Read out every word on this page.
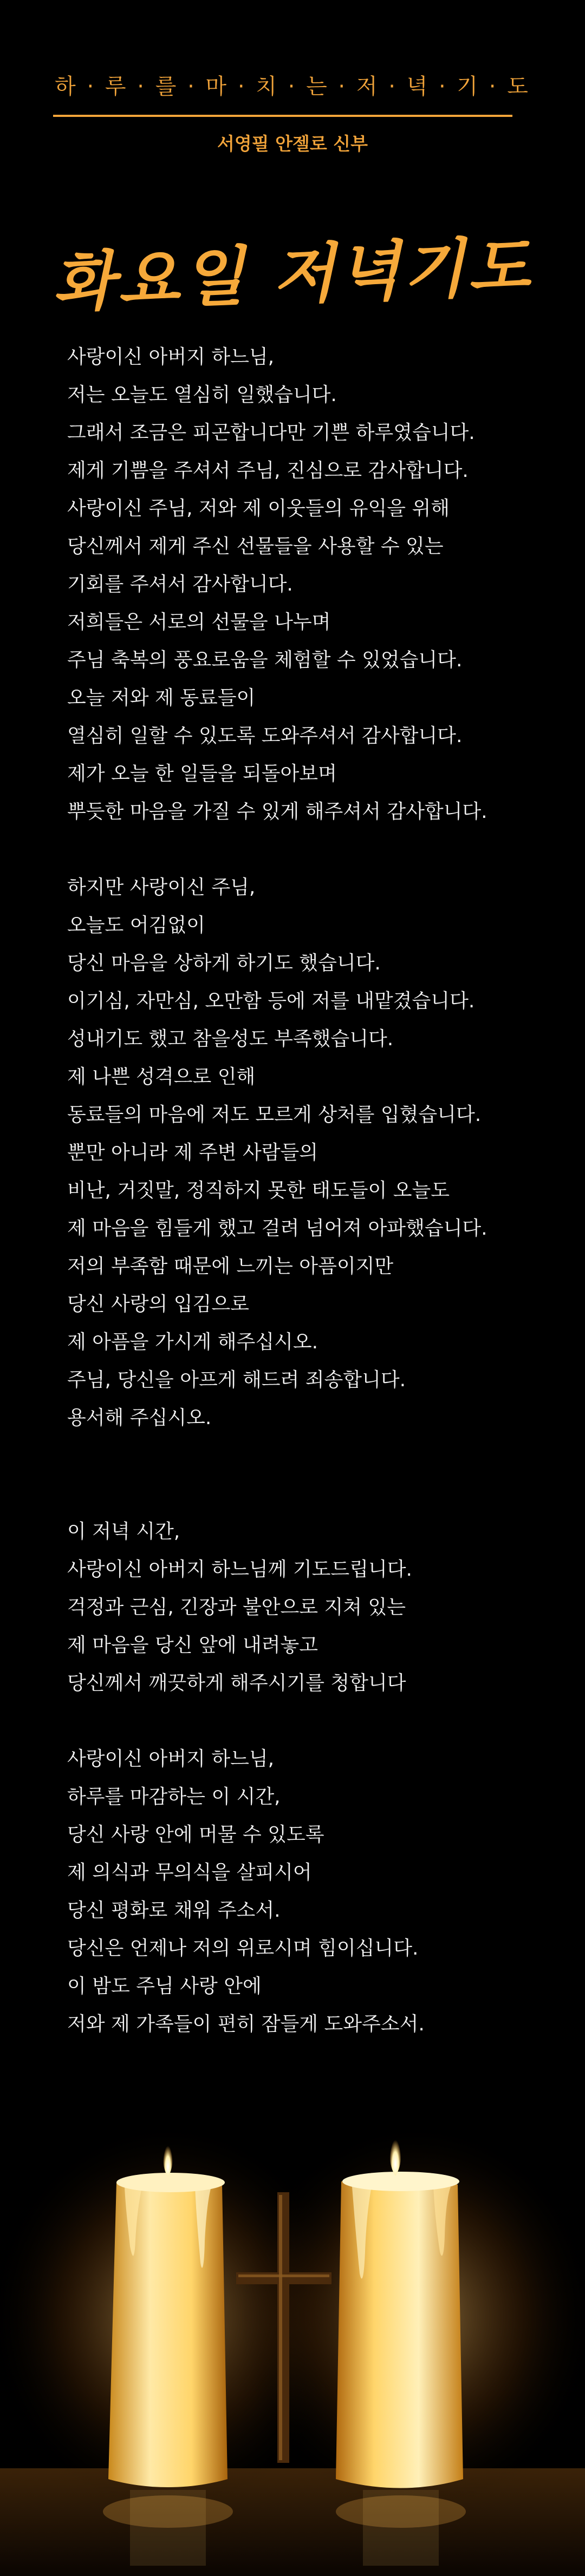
하 · 루 · 를 · 마 · 치 · 는 · 저 · 녁 · 기 · 도
서영필 안젤로 신부
화요일 저녁기도
사랑이신 아버지 하느님,
저는 오늘도 열심히 일했습니다.
그래서 조금은 피곤합니다만 기쁜 하루였습니다.
제게 기쁨을 주셔서 주님, 진심으로 감사합니다.
사랑이신 주님, 저와 제 이웃들의 유익을 위해
당신께서 제게 주신 선물들을 사용할 수 있는
기회를 주셔서 감사합니다.
저희들은 서로의 선물을 나누며
주님 축복의 풍요로움을 체험할 수 있었습니다.
오늘 저와 제 동료들이
열심히 일할 수 있도록 도와주셔서 감사합니다.
제가 오늘 한 일들을 되돌아보며
뿌듯한 마음을 가질 수 있게 해주셔서 감사합니다.
하지만 사랑이신 주님,
오늘도 어김없이
당신 마음을 상하게 하기도 했습니다.
이기심, 자만심, 오만함 등에 저를 내맡겼습니다.
성내기도 했고 참을성도 부족했습니다.
제 나쁜 성격으로 인해
동료들의 마음에 저도 모르게 상처를 입혔습니다.
뿐만 아니라 제 주변 사람들의
비난, 거짓말, 정직하지 못한 태도들이 오늘도
제 마음을 힘들게 했고 걸려 넘어져 아파했습니다.
저의 부족함 때문에 느끼는 아픔이지만
당신 사랑의 입김으로
제 아픔을 가시게 해주십시오.
주님, 당신을 아프게 해드려 죄송합니다.
용서해 주십시오.
이 저녁 시간,
사랑이신 아버지 하느님께 기도드립니다.
걱정과 근심, 긴장과 불안으로 지쳐 있는
제 마음을 당신 앞에 내려놓고
당신께서 깨끗하게 해주시기를 청합니다
사랑이신 아버지 하느님,
하루를 마감하는 이 시간,
당신 사랑 안에 머물 수 있도록
제 의식과 무의식을 살피시어
당신 평화로 채워 주소서.
당신은 언제나 저의 위로시며 힘이십니다.
이 밤도 주님 사랑 안에
저와 제 가족들이 편히 잠들게 도와주소서.
